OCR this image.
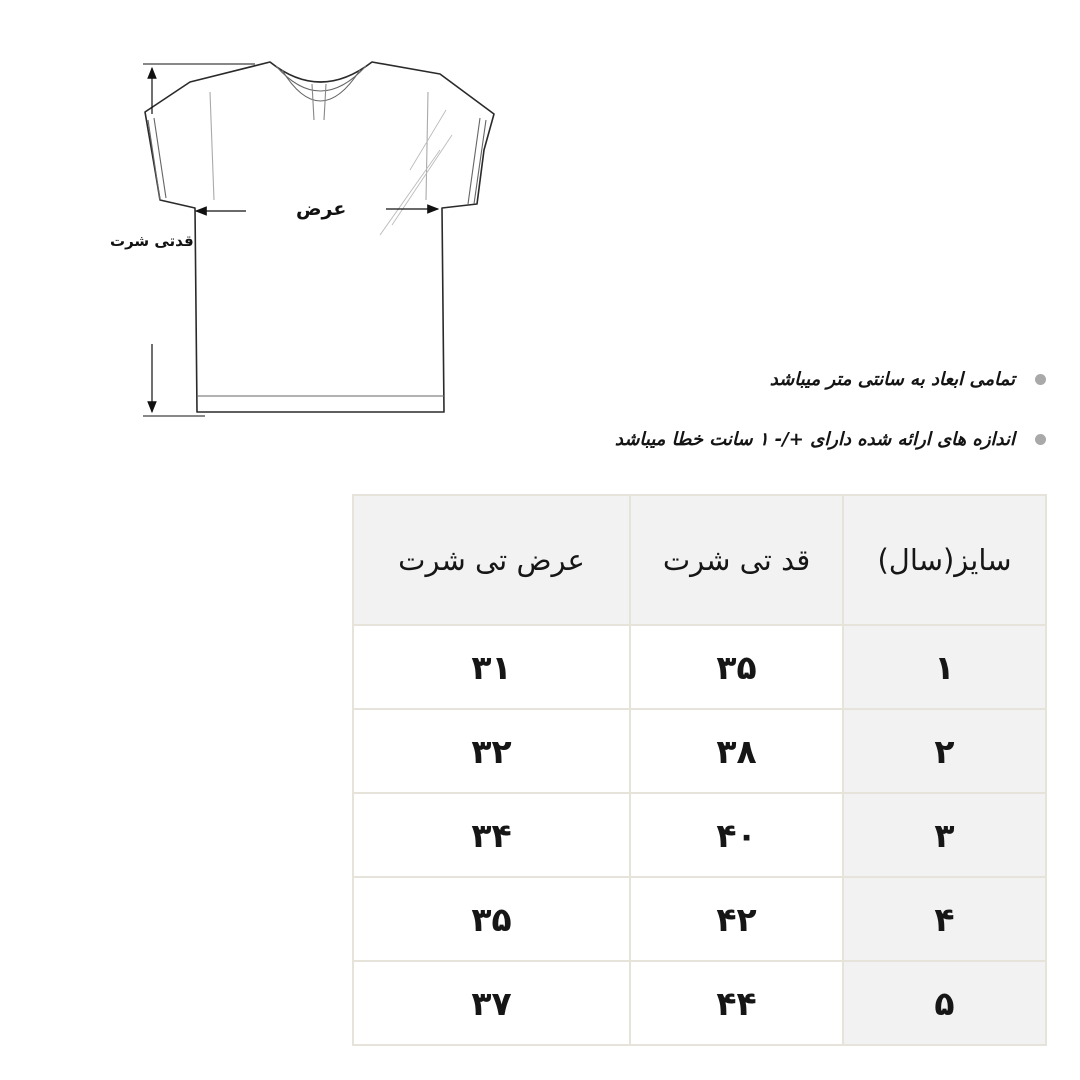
عرض
قدتی شرت
تمامی ابعاد به سانتی متر میباشد
اندازه های ارائه شده دارای +/- ۱ سانت خطا میباشد
سایز(سال)	قد تی شرت	عرض تی شرت
۱	۳۵	۳۱
۲	۳۸	۳۲
۳	۴۰	۳۴
۴	۴۲	۳۵
۵	۴۴	۳۷
